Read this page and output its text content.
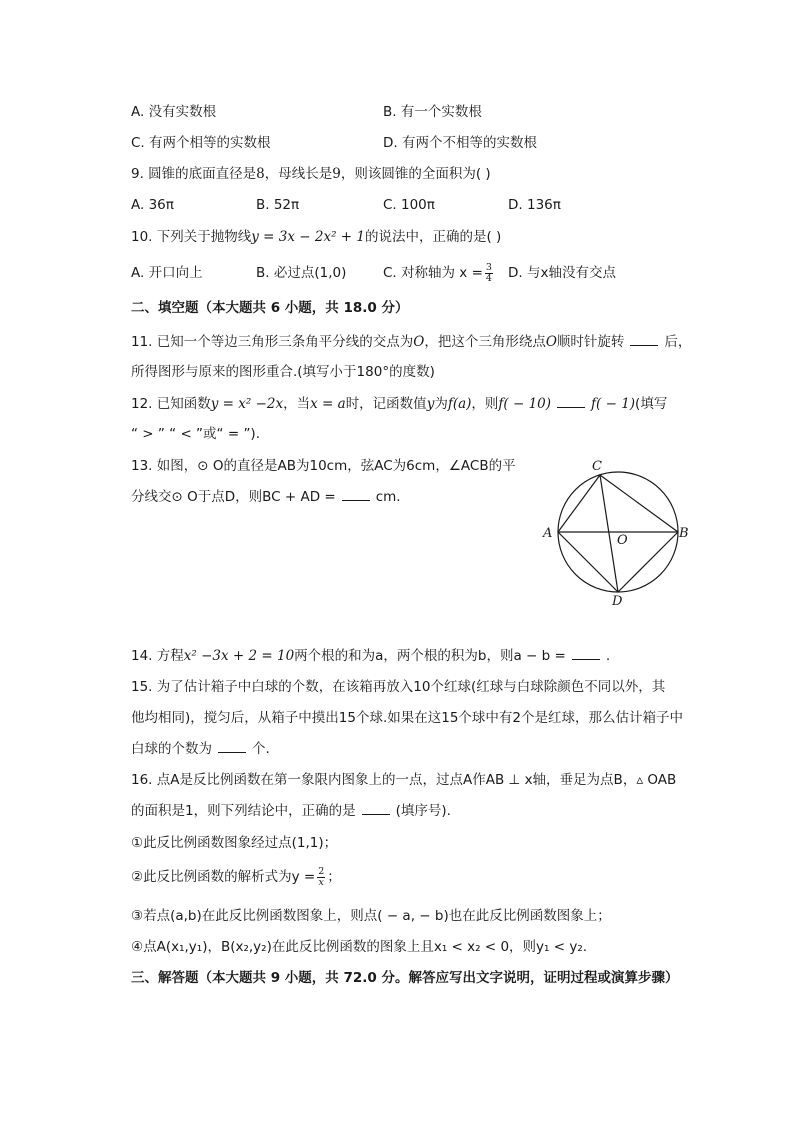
A. 没有实数根	B. 有一个实数根
C. 有两个相等的实数根	D. 有两个不相等的实数根
9. 圆锥的底面直径是8，母线长是9，则该圆锥的全面积为( )
A. 36π	B. 52π	C. 100π	D. 136π
10. 下列关于抛物线y = 3x − 2x² + 1的说法中，正确的是( )
A. 开口向上	B. 必过点(1,0)	C. 对称轴为 $x = \frac{3}{4} D$. 与x轴没有交点
二、填空题（本大题共 6 小题，共 18.0 分）
11. 已知一个等边三角形三条角平分线的交点为O，把这个三角形绕点O顺时针旋转	后，
所得图形与原来的图形重合.(填写小于180°的度数)
12. 已知函数y = x² −2x，当x = a时，记函数值y为f(a)，则f( − 10)	f( − 1)(填写
“ > ” “ < ”或“ = ”).
13. 如图，⊙ O的直径是AB为10cm，弦AC为6cm，∠ACB的平
分线交⊙ O于点D，则BC + AD =	cm.
C
A	O	B
D
14. 方程x² −3x + 2 = 10两个根的和为a，两个根的积为b，则a − b =	.
15. 为了估计箱子中白球的个数，在该箱再放入10个红球(红球与白球除颜色不同以外，其
他均相同)，搅匀后，从箱子中摸出15个球.如果在这15个球中有2个是红球，那么估计箱子中
白球的个数为	个.
16. 点A是反比例函数在第一象限内图象上的一点，过点A作AB ⊥ x轴，垂足为点B，▵ OAB
的面积是1，则下列结论中，正确的是	(填序号).
①此反比例函数图象经过点(1,1)；
②此反比例函数的解析式为$y = \frac{2}{x}$ ；
③若点(a,b)在此反比例函数图象上，则点( − a, − b)也在此反比例函数图象上；
④点A(x₁,y₁)，B(x₂,y₂)在此反比例函数的图象上且x₁ < x₂ < 0，则y₁ < y₂.
三、解答题（本大题共 9 小题，共 72.0 分。解答应写出文字说明，证明过程或演算步骤）
